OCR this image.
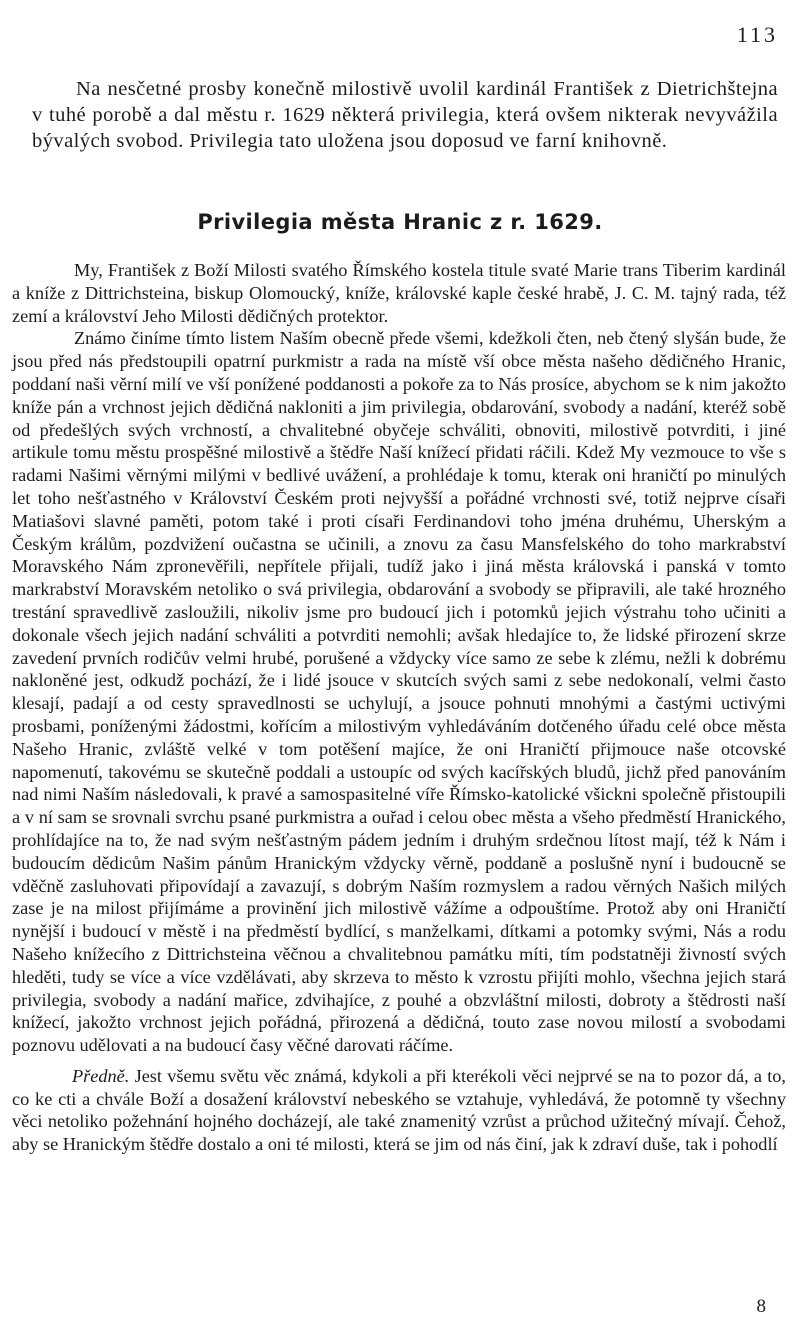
113

Na nesčetné prosby konečně milostivě uvolil kardinál František z Dietrichštejna v tuhé porobě a dal městu r. 1629 některá privilegia, která ovšem nikterak nevyvážila bývalých svobod. Privilegia tato uložena jsou doposud ve farní knihovně.

Privilegia města Hranic z r. 1629.

My, František z Boží Milosti svatého Římského kostela titule svaté Marie trans Tiberim kardinál a kníže z Dittrichsteina, biskup Olomoucký, kníže, královské kaple české hrabě, J. C. M. tajný rada, též zemí a království Jeho Milosti dědičných protektor.

Známo činíme tímto listem Naším obecně přede všemi, kdežkoli čten, neb čtený slyšán bude, že jsou před nás předstoupili opatrní purkmistr a rada na místě vší obce města našeho dědičného Hranic, poddaní naši věrní milí ve vší ponížené poddanosti a pokoře za to Nás prosíce, abychom se k nim jakožto kníže pán a vrchnost jejich dědičná nakloniti a jim privilegia, obdarování, svobody a nadání, kteréž sobě od předešlých svých vrchností, a chvalitebné obyčeje schváliti, obnoviti, milostivě potvrditi, i jiné artikule tomu městu prospěšné milostivě a štědře Naší knížecí přidati ráčili. Kdež My vezmouce to vše s radami Našimi věrnými milými v bedlivé uvážení, a prohlédaje k tomu, kterak oni hraničtí po minulých let toho nešťastného v Království Českém proti nejvyšší a pořádné vrchnosti své, totiž nejprve císaři Matiašovi slavné paměti, potom také i proti císaři Ferdinandovi toho jména druhému, Uherským a Českým králům, pozdvižení oučastna se učinili, a znovu za času Mansfelského do toho markrabství Moravského Nám zpronevěřili, nepřítele přijali, tudíž jako i jiná města královská i panská v tomto markrabství Moravském netoliko o svá privilegia, obdarování a svobody se připravili, ale také hrozného trestání spravedlivě zasloužili, nikoliv jsme pro budoucí jich i potomků jejich výstrahu toho učiniti a dokonale všech jejich nadání schváliti a potvrditi nemohli; avšak hledajíce to, že lidské přirození skrze zavedení prvních rodičův velmi hrubé, porušené a vždycky více samo ze sebe k zlému, nežli k dobrému nakloněné jest, odkudž pochází, že i lidé jsouce v skutcích svých sami z sebe nedokonalí, velmi často klesají, padají a od cesty spravedlnosti se uchylují, a jsouce pohnuti mnohými a častými uctivými prosbami, poníženými žádostmi, kořícím a milostivým vyhledáváním dotčeného úřadu celé obce města Našeho Hranic, zvláště velké v tom potěšení majíce, že oni Hraničtí přijmouce naše otcovské napomenutí, takovému se skutečně poddali a ustoupíc od svých kacířských bludů, jichž před panováním nad nimi Naším následovali, k pravé a samospasitelné víře Římsko-katolické všickni společně přistoupili a v ní sam se srovnali svrchu psané purkmistra a ouřad i celou obec města a všeho předměstí Hranického, prohlídajíce na to, že nad svým nešťastným pádem jedním i druhým srdečnou lítost mají, též k Nám i budoucím dědicům Našim pánům Hranickým vždycky věrně, poddaně a poslušně nyní i budoucně se vděčně zasluhovati připovídají a zavazují, s dobrým Naším rozmyslem a radou věrných Našich milých zase je na milost přijímáme a provinění jich milostivě vážíme a odpouštíme. Protož aby oni Hraničtí nynější i budoucí v městě i na předměstí bydlící, s manželkami, dítkami a potomky svými, Nás a rodu Našeho knížecího z Dittrichsteina věčnou a chvalitebnou památku míti, tím podstatněji živností svých hleděti, tudy se více a více vzdělávati, aby skrzeva to město k vzrostu přijíti mohlo, všechna jejich stará privilegia, svobody a nadání mařice, zdvihajíce, z pouhé a obzvláštní milosti, dobroty a štědrosti naší knížecí, jakožto vrchnost jejich pořádná, přirozená a dědičná, touto zase novou milostí a svobodami poznovu udělovati a na budoucí časy věčné darovati ráčíme.

Předně. Jest všemu světu věc známá, kdykoli a při kterékoli věci nejprvé se na to pozor dá, a to, co ke cti a chvále Boží a dosažení království nebeského se vztahuje, vyhledává, že potomně ty všechny věci netoliko požehnání hojného docházejí, ale také znamenitý vzrůst a průchod užitečný mívají. Čehož, aby se Hranickým štědře dostalo a oni té milosti, která se jim od nás činí, jak k zdraví duše, tak i pohodlí

8
